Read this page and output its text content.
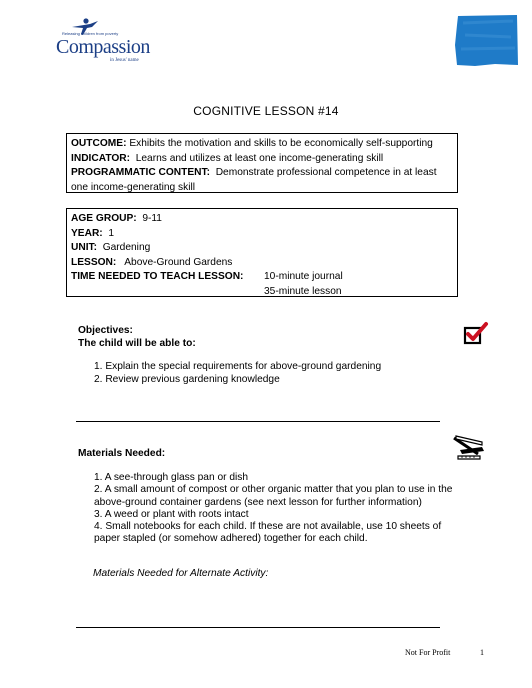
Releasing children from poverty
Compassion
in Jesus' name
COGNITIVE LESSON #14
OUTCOME: Exhibits the motivation and skills to be economically self-supporting
INDICATOR: Learns and utilizes at least one income-generating skill
PROGRAMMATIC CONTENT: Demonstrate professional competence in at least one income-generating skill
AGE GROUP: 9-11
YEAR: 1
UNIT: Gardening
LESSON: Above-Ground Gardens
TIME NEEDED TO TEACH LESSON:	10-minute journal
35-minute lesson
Objectives:
The child will be able to:
1. Explain the special requirements for above-ground gardening
2. Review previous gardening knowledge
Materials Needed:
1. A see-through glass pan or dish
2. A small amount of compost or other organic matter that you plan to use in the above-ground container gardens (see next lesson for further information)
3. A weed or plant with roots intact
4. Small notebooks for each child. If these are not available, use 10 sheets of paper stapled (or somehow adhered) together for each child.
Materials Needed for Alternate Activity:
Not For Profit	1
